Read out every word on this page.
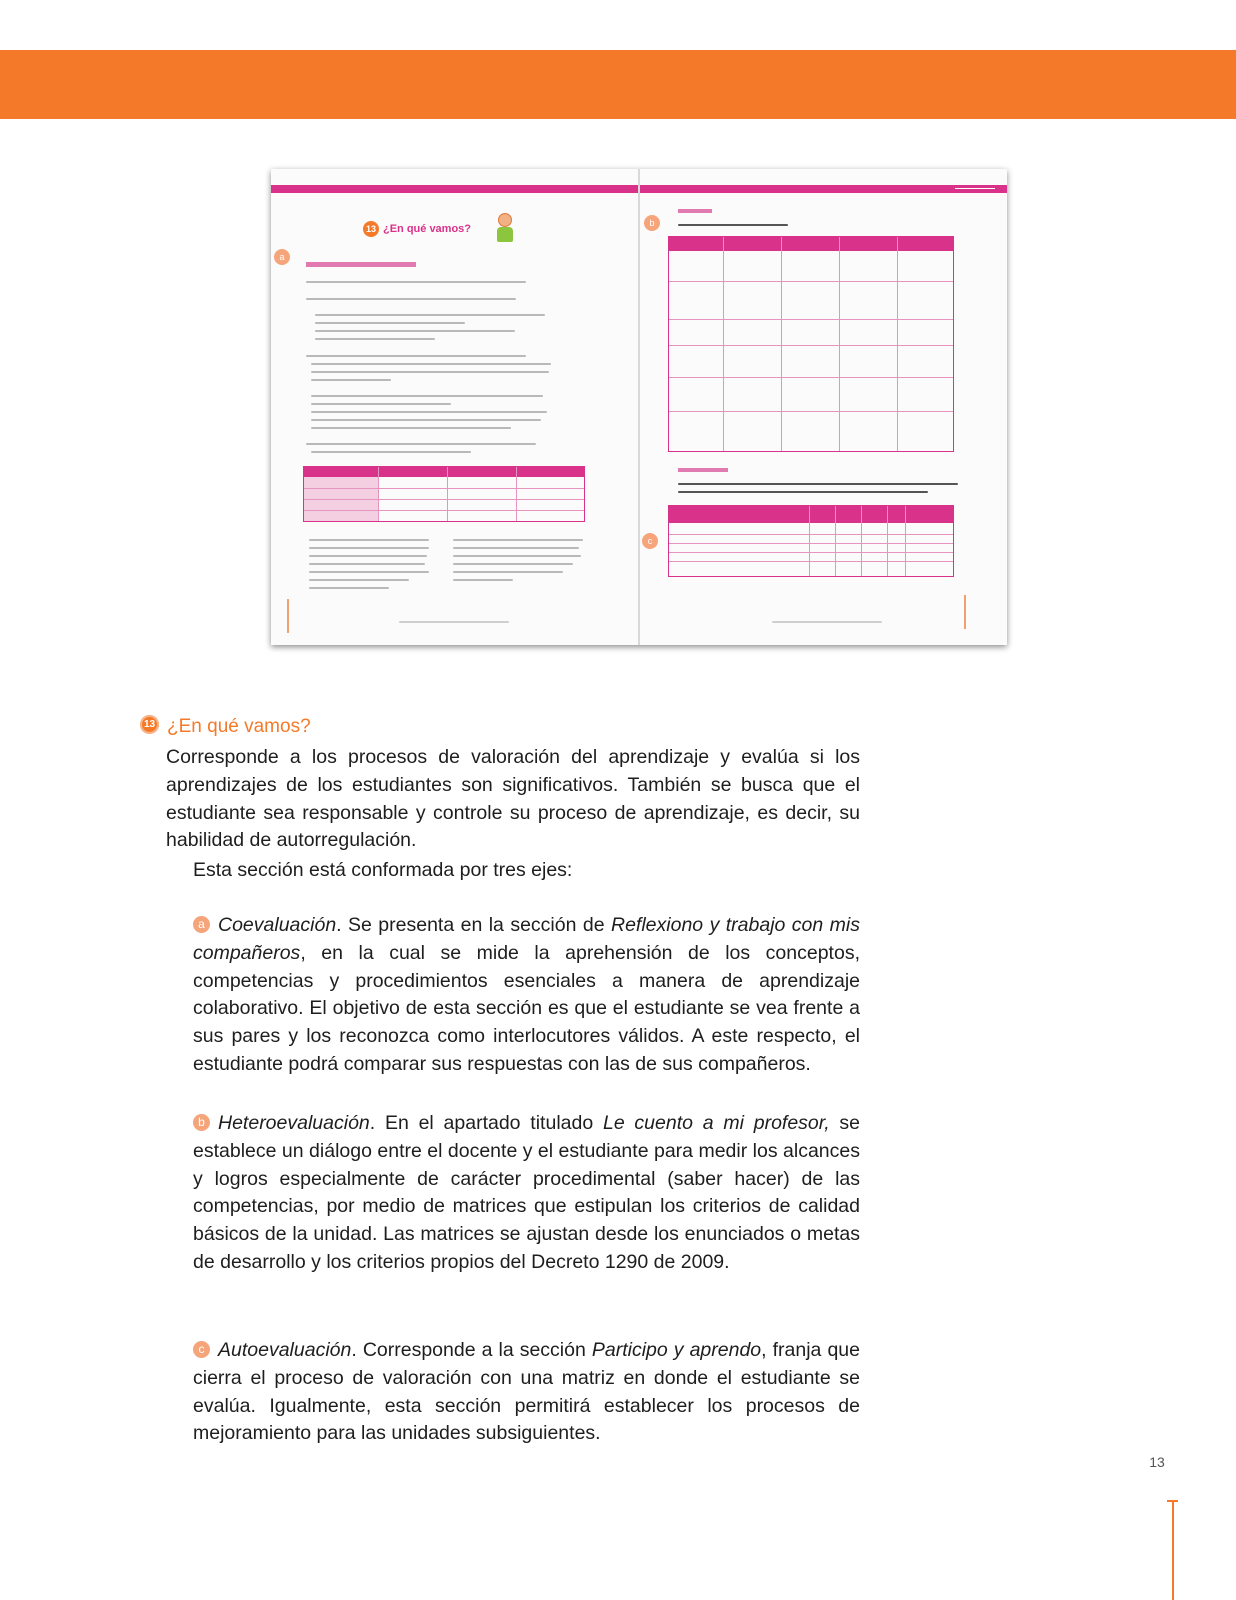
13 ¿En qué vamos?
a
b
c
13 ¿En qué vamos?
Corresponde a los procesos de valoración del aprendizaje y evalúa si los aprendizajes de los estudiantes son significativos. También se busca que el estudiante sea responsable y controle su proceso de aprendizaje, es decir, su habilidad de autorregulación.
Esta sección está conformada por tres ejes:
a Coevaluación. Se presenta en la sección de Reflexiono y trabajo con mis compañeros, en la cual se mide la aprehensión de los conceptos, competencias y procedimientos esenciales a manera de aprendizaje colaborativo. El objetivo de esta sección es que el estudiante se vea frente a sus pares y los reconozca como interlocutores válidos. A este respecto, el estudiante podrá comparar sus respuestas con las de sus compañeros.
b Heteroevaluación. En el apartado titulado Le cuento a mi profesor, se establece un diálogo entre el docente y el estudiante para medir los alcances y logros especialmente de carácter procedimental (saber hacer) de las competencias, por medio de matrices que estipulan los criterios de calidad básicos de la unidad. Las matrices se ajustan desde los enunciados o metas de desarrollo y los criterios propios del Decreto 1290 de 2009.
c Autoevaluación. Corresponde a la sección Participo y aprendo, franja que cierra el proceso de valoración con una matriz en donde el estudiante se evalúa. Igualmente, esta sección permitirá establecer los procesos de mejoramiento para las unidades subsiguientes.
13
